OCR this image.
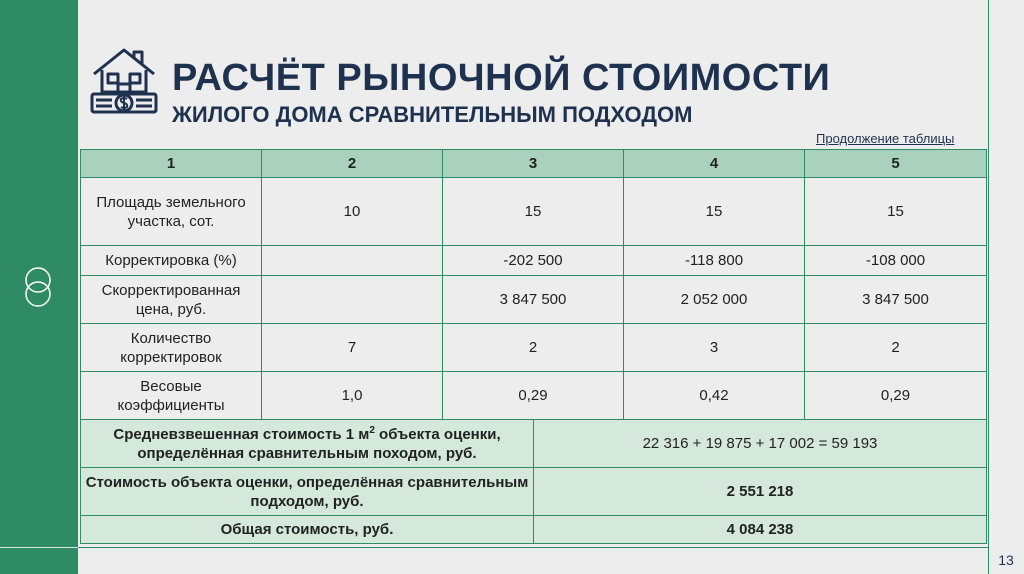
13
РАСЧЁТ РЫНОЧНОЙ СТОИМОСТИ
ЖИЛОГО ДОМА СРАВНИТЕЛЬНЫМ ПОДХОДОМ
Продолжение таблицы
1	2	3		4	5
Площадь земельного участка, сот.	10	15		15	15
Корректировка (%)		-202 500		-118 800	-108 000
Скорректированная цена, руб.		3 847 500		2 052 000	3 847 500
Количество корректировок	7	2		3	2
Весовые коэффициенты	1,0	0,29		0,42	0,29
Средневзвешенная стоимость 1 $м^2$ объекта оценки, определённая сравнительным походом, руб.			22 316 + 19 875 + 17 002 = 59 193		
Стоимость объекта оценки, определённая сравнительным подходом, руб.			2 551 218		
Общая стоимость, руб.			4 084 238		
